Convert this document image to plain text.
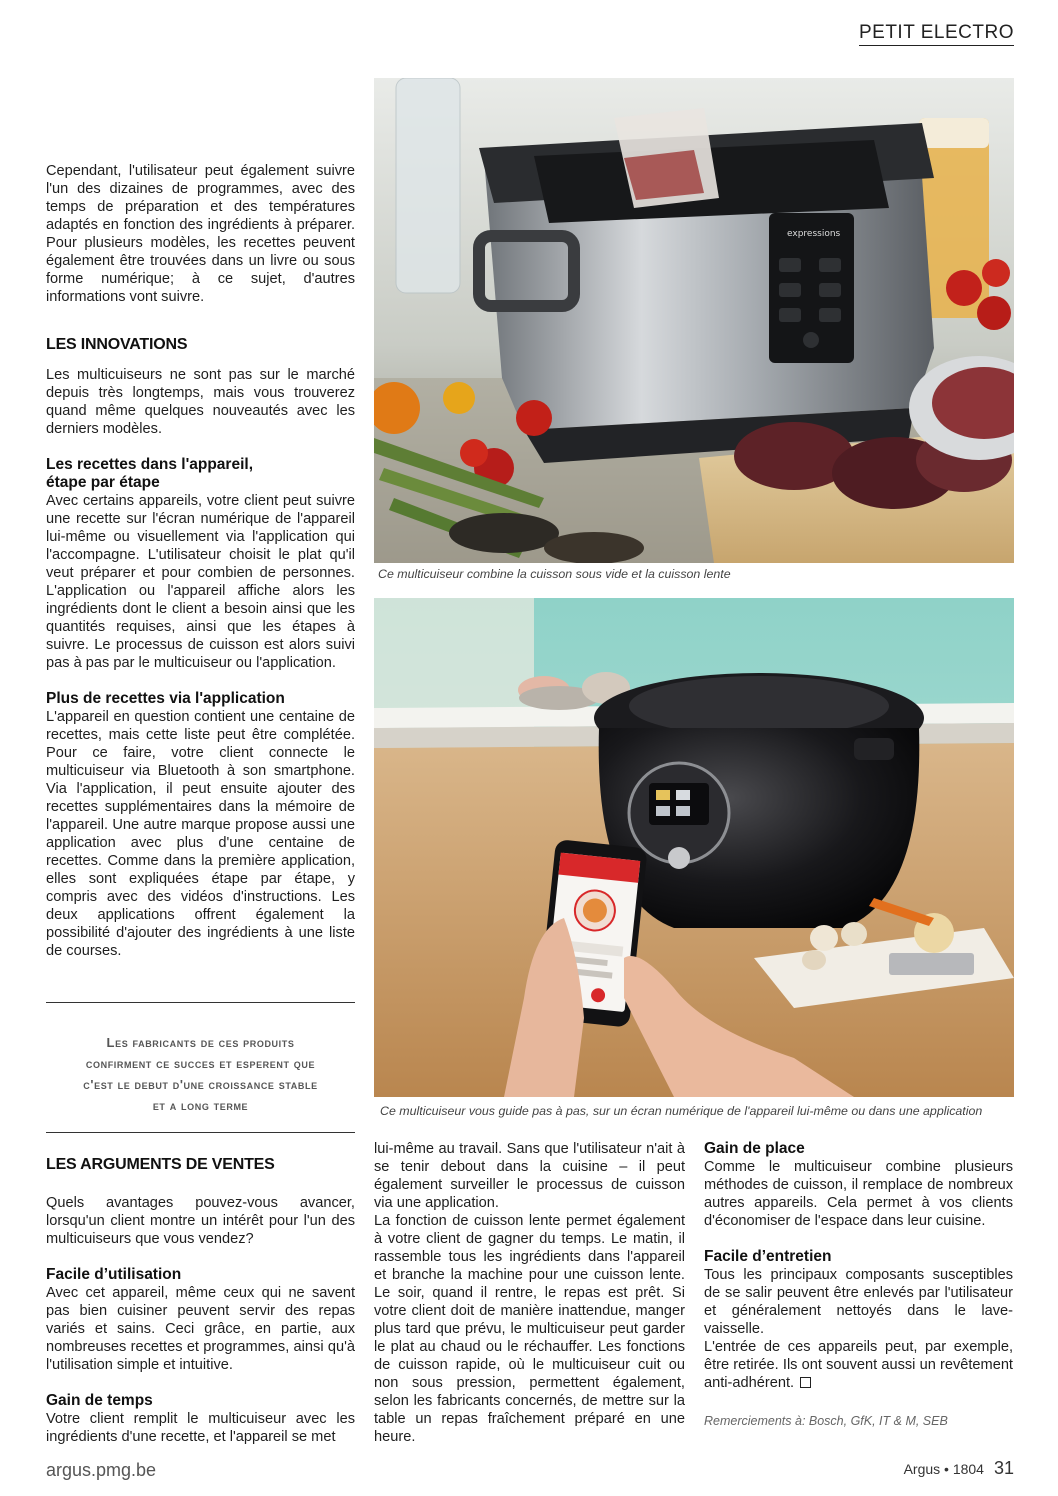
PETIT ELECTRO

Cependant, l'utilisateur peut également suivre l'un des dizaines de programmes, avec des temps de préparation et des températures adaptés en fonction des ingrédients à préparer. Pour plusieurs modèles, les recettes peuvent également être trouvées dans un livre ou sous forme numérique; à ce sujet, d'autres informations vont suivre.

LES INNOVATIONS

Les multicuiseurs ne sont pas sur le marché depuis très longtemps, mais vous trouverez quand même quelques nouveautés avec les derniers modèles.

Les recettes dans l'appareil,
étape par étape

Avec certains appareils, votre client peut suivre une recette sur l'écran numérique de l'appareil lui-même ou visuellement via l'application qui l'accompagne. L'utilisateur choisit le plat qu'il veut préparer et pour combien de personnes. L'application ou l'appareil affiche alors les ingrédients dont le client a besoin ainsi que les quantités requises, ainsi que les étapes à suivre. Le processus de cuisson est alors suivi pas à pas par le multicuiseur ou l'application.

Plus de recettes via l'application

L'appareil en question contient une centaine de recettes, mais cette liste peut être complétée. Pour ce faire, votre client connecte le multicuiseur via Bluetooth à son smartphone. Via l'application, il peut ensuite ajouter des recettes supplémentaires dans la mémoire de l'appareil. Une autre marque propose aussi une application avec plus d'une centaine de recettes. Comme dans la première application, elles sont expliquées étape par étape, y compris avec des vidéos d'instructions. Les deux applications offrent également la possibilité d'ajouter des ingrédients à une liste de courses.

Les fabricants de ces produits
confirment ce succes et esperent que
c'est le debut d'une croissance stable
et a long terme
LES ARGUMENTS DE VENTES

Quels avantages pouvez-vous avancer, lorsqu'un client montre un intérêt pour l'un des multicuiseurs que vous vendez?

Facile d’utilisation

Avec cet appareil, même ceux qui ne savent pas bien cuisiner peuvent servir des repas variés et sains. Ceci grâce, en partie, aux nombreuses recettes et programmes, ainsi qu'à l'utilisation simple et intuitive.

Gain de temps

Votre client remplit le multicuiseur avec les ingrédients d'une recette, et l'appareil se met

lui-même au travail. Sans que l'utilisateur n'ait à se tenir debout dans la cuisine – il peut également surveiller le processus de cuisson via une application.

La fonction de cuisson lente permet également à votre client de gagner du temps. Le matin, il rassemble tous les ingrédients dans l'appareil et branche la machine pour une cuisson lente. Le soir, quand il rentre, le repas est prêt. Si votre client doit de manière inattendue, manger plus tard que prévu, le multicuiseur peut garder le plat au chaud ou le réchauffer. Les fonctions de cuisson rapide, où le multicuiseur cuit ou non sous pression, permettent également, selon les fabricants concernés, de mettre sur la table un repas fraîchement préparé en une heure.

Gain de place

Comme le multicuiseur combine plusieurs méthodes de cuisson, il remplace de nombreux autres appareils. Cela permet à vos clients d'économiser de l'espace dans leur cuisine.

Facile d’entretien

Tous les principaux composants susceptibles de se salir peuvent être enlevés par l'utilisateur et généralement nettoyés dans le lave-vaisselle.

L'entrée de ces appareils peut, par exemple, être retirée. Ils ont souvent aussi un revêtement anti-adhérent.

Remerciements à: Bosch, GfK, IT & M, SEB

expressions
Ce multicuiseur combine la cuisson sous vide et la cuisson lente
Ce multicuiseur vous guide pas à pas, sur un écran numérique de l'appareil lui-même ou dans une application
argus.pmg.be	Argus • 1804 31
